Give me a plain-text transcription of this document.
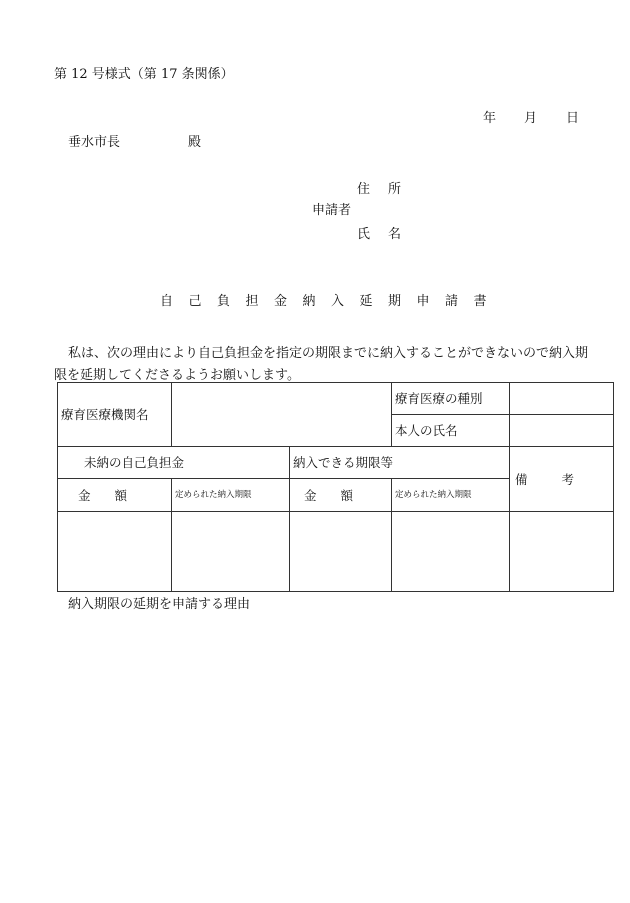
第 12 号様式（第 17 条関係）
年 月 日
垂水市長	殿
住所
申請者
氏名
自己負担金納入延期申請書
私は、次の理由により自己負担金を指定の期限までに納入することができないので納入期限を延期してくださるようお願いします。
療育医療機関名			療育医療の種別	
			本人の氏名	
未納の自己負担金		納入できる期限等		備考
金額	定められた納入期限	金額	定められた納入期限	

納入期限の延期を申請する理由
